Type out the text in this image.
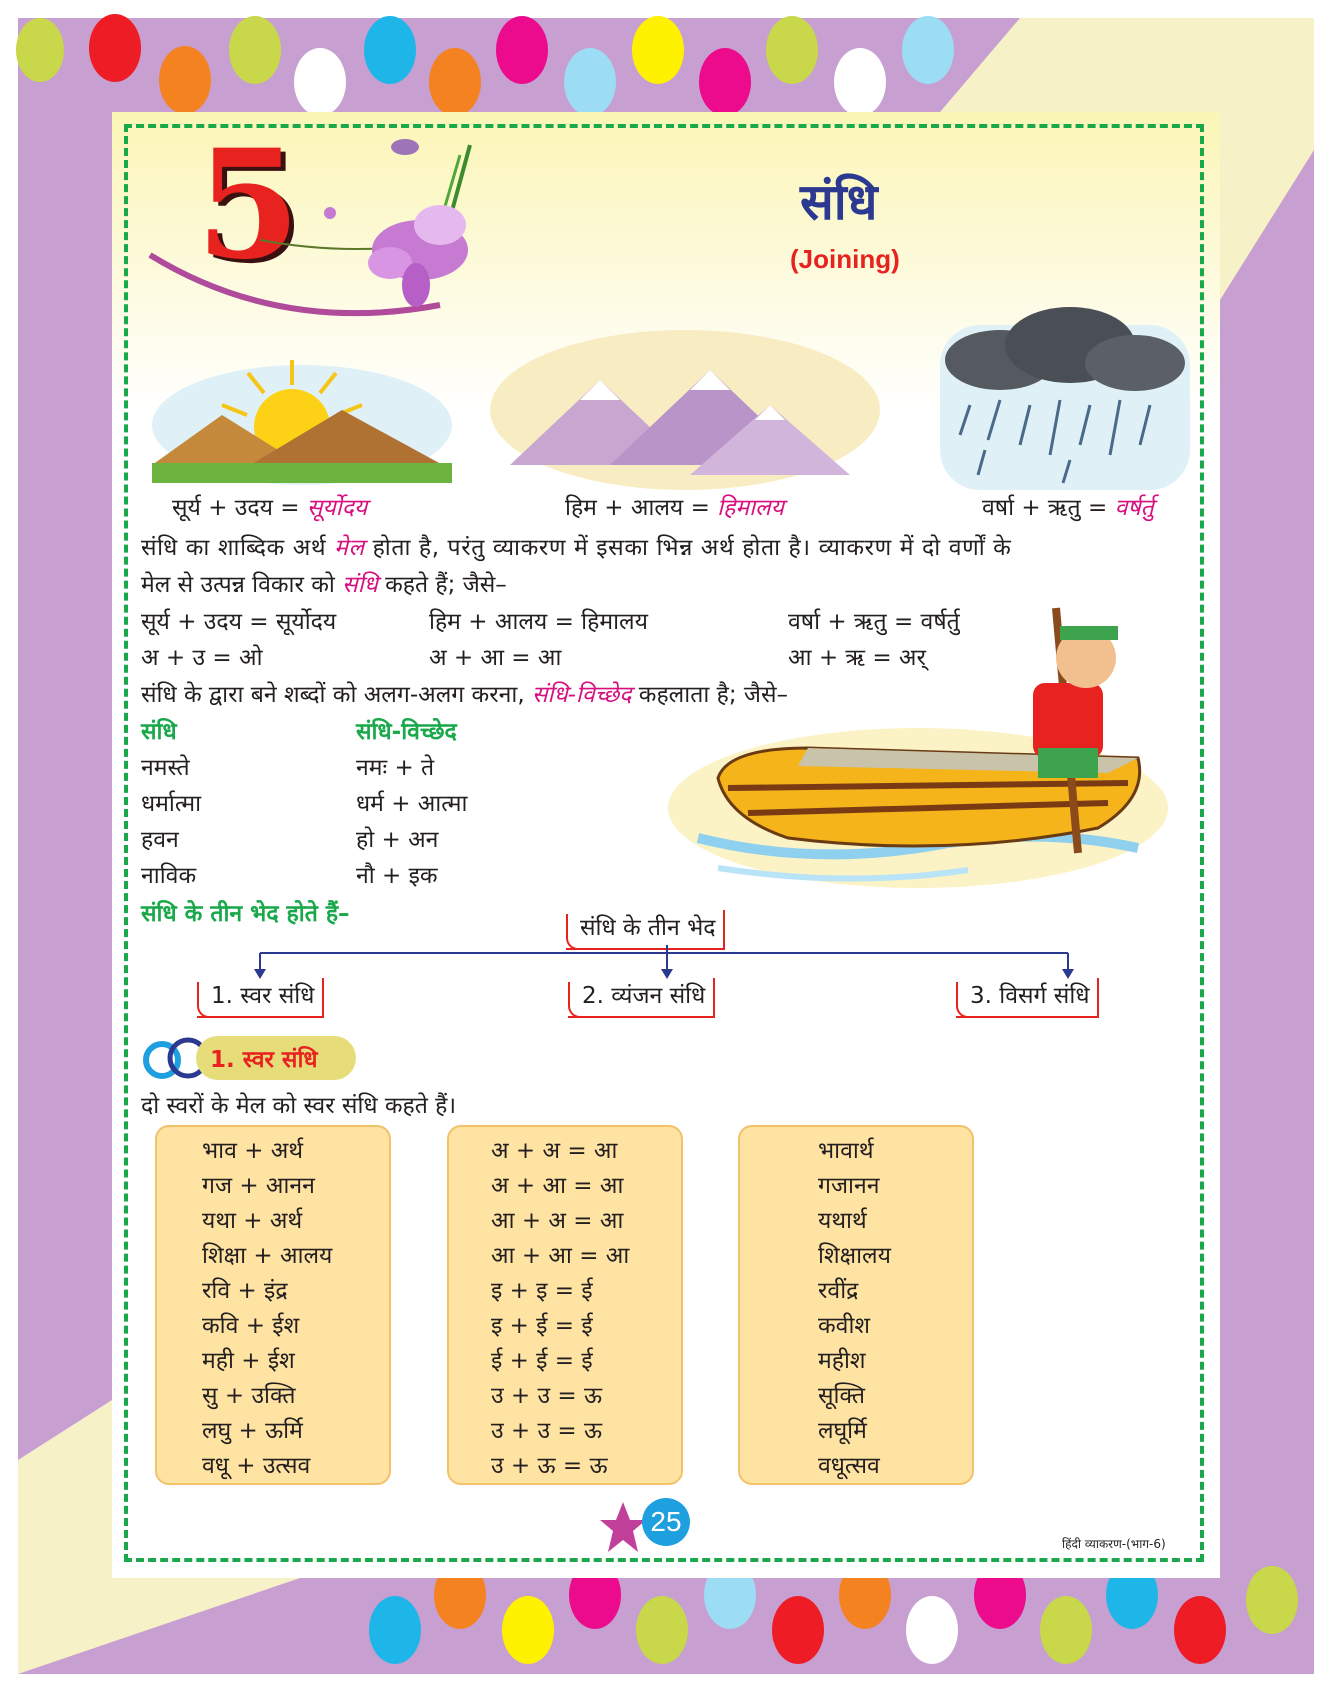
5	संधि
(Joining)
सूर्य + उदय = सूर्योदय	हिम + आलय = हिमालय	वर्षा + ऋतु = वर्षर्तु
संधि का शाब्दिक अर्थ मेल होता है, परंतु व्याकरण में इसका भिन्न अर्थ होता है। व्याकरण में दो वर्णों के
मेल से उत्पन्न विकार को संधि कहते हैं; जैसे–
सूर्य + उदय = सूर्योदय	हिम + आलय = हिमालय	वर्षा + ऋतु = वर्षर्तु
अ + उ = ओ	अ + आ = आ	आ + ऋ = अर्
संधि के द्वारा बने शब्दों को अलग-अलग करना, संधि-विच्छेद कहलाता है; जैसे–
संधि	संधि-विच्छेद
नमस्ते	नमः + ते
धर्मात्मा	धर्म + आत्मा
हवन	हो + अन
नाविक	नौ + इक
संधि के तीन भेद होते हैं–
संधि के तीन भेद
1. स्वर संधि	2. व्यंजन संधि	3. विसर्ग संधि
1. स्वर संधि
दो स्वरों के मेल को स्वर संधि कहते हैं।
भाव + अर्थ
गज + आनन
यथा + अर्थ
शिक्षा + आलय
रवि + इंद्र
कवि + ईश
मही + ईश
सु + उक्ति
लघु + ऊर्मि
वधू + उत्सव
अ + अ = आ
अ + आ = आ
आ + अ = आ
आ + आ = आ
इ + इ = ई
इ + ई = ई
ई + ई = ई
उ + उ = ऊ
उ + उ = ऊ
उ + ऊ = ऊ
भावार्थ
गजानन
यथार्थ
शिक्षालय
रवींद्र
कवीश
महीश
सूक्ति
लघूर्मि
वधूत्सव
25
हिंदी व्याकरण-(भाग-6)
